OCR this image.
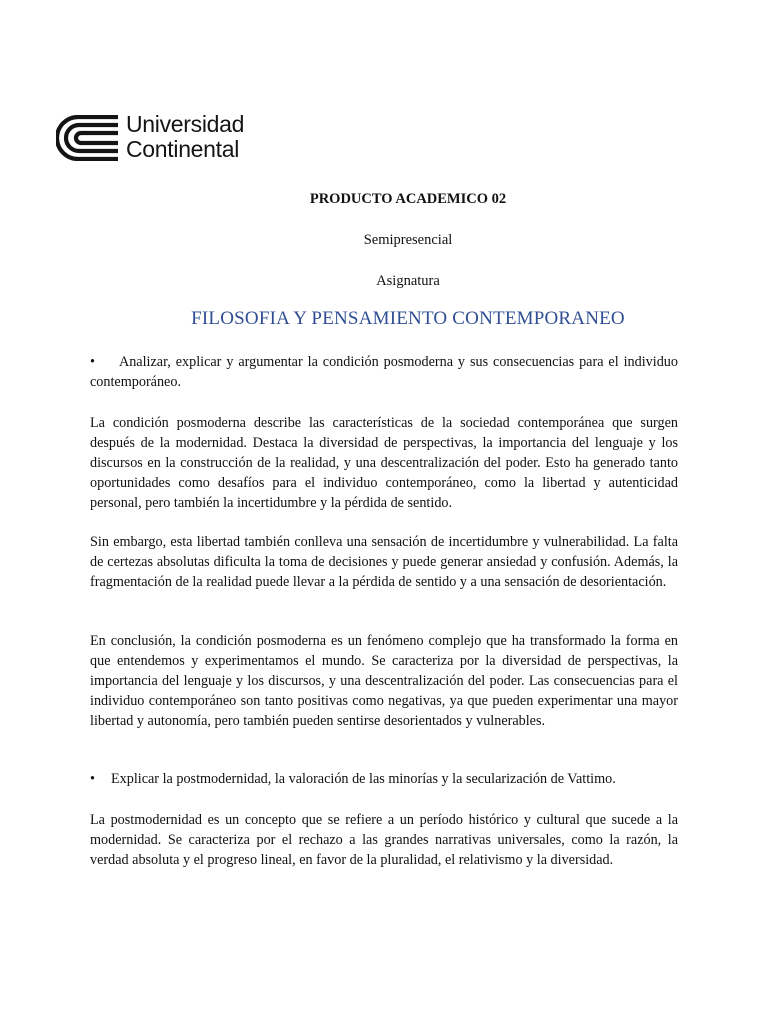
Universidad
Continental
PRODUCTO ACADEMICO 02
Semipresencial
Asignatura
FILOSOFIA Y PENSAMIENTO CONTEMPORANEO

• Analizar, explicar y argumentar la condición posmoderna y sus consecuencias para el individuo contemporáneo.

La condición posmoderna describe las características de la sociedad contemporánea que surgen después de la modernidad. Destaca la diversidad de perspectivas, la importancia del lenguaje y los discursos en la construcción de la realidad, y una descentralización del poder. Esto ha generado tanto oportunidades como desafíos para el individuo contemporáneo, como la libertad y autenticidad personal, pero también la incertidumbre y la pérdida de sentido.

Sin embargo, esta libertad también conlleva una sensación de incertidumbre y vulnerabilidad. La falta de certezas absolutas dificulta la toma de decisiones y puede generar ansiedad y confusión. Además, la fragmentación de la realidad puede llevar a la pérdida de sentido y a una sensación de desorientación.

En conclusión, la condición posmoderna es un fenómeno complejo que ha transformado la forma en que entendemos y experimentamos el mundo. Se caracteriza por la diversidad de perspectivas, la importancia del lenguaje y los discursos, y una descentralización del poder. Las consecuencias para el individuo contemporáneo son tanto positivas como negativas, ya que pueden experimentar una mayor libertad y autonomía, pero también pueden sentirse desorientados y vulnerables.

• Explicar la postmodernidad, la valoración de las minorías y la secularización de Vattimo.

La postmodernidad es un concepto que se refiere a un período histórico y cultural que sucede a la modernidad. Se caracteriza por el rechazo a las grandes narrativas universales, como la razón, la verdad absoluta y el progreso lineal, en favor de la pluralidad, el relativismo y la diversidad.
